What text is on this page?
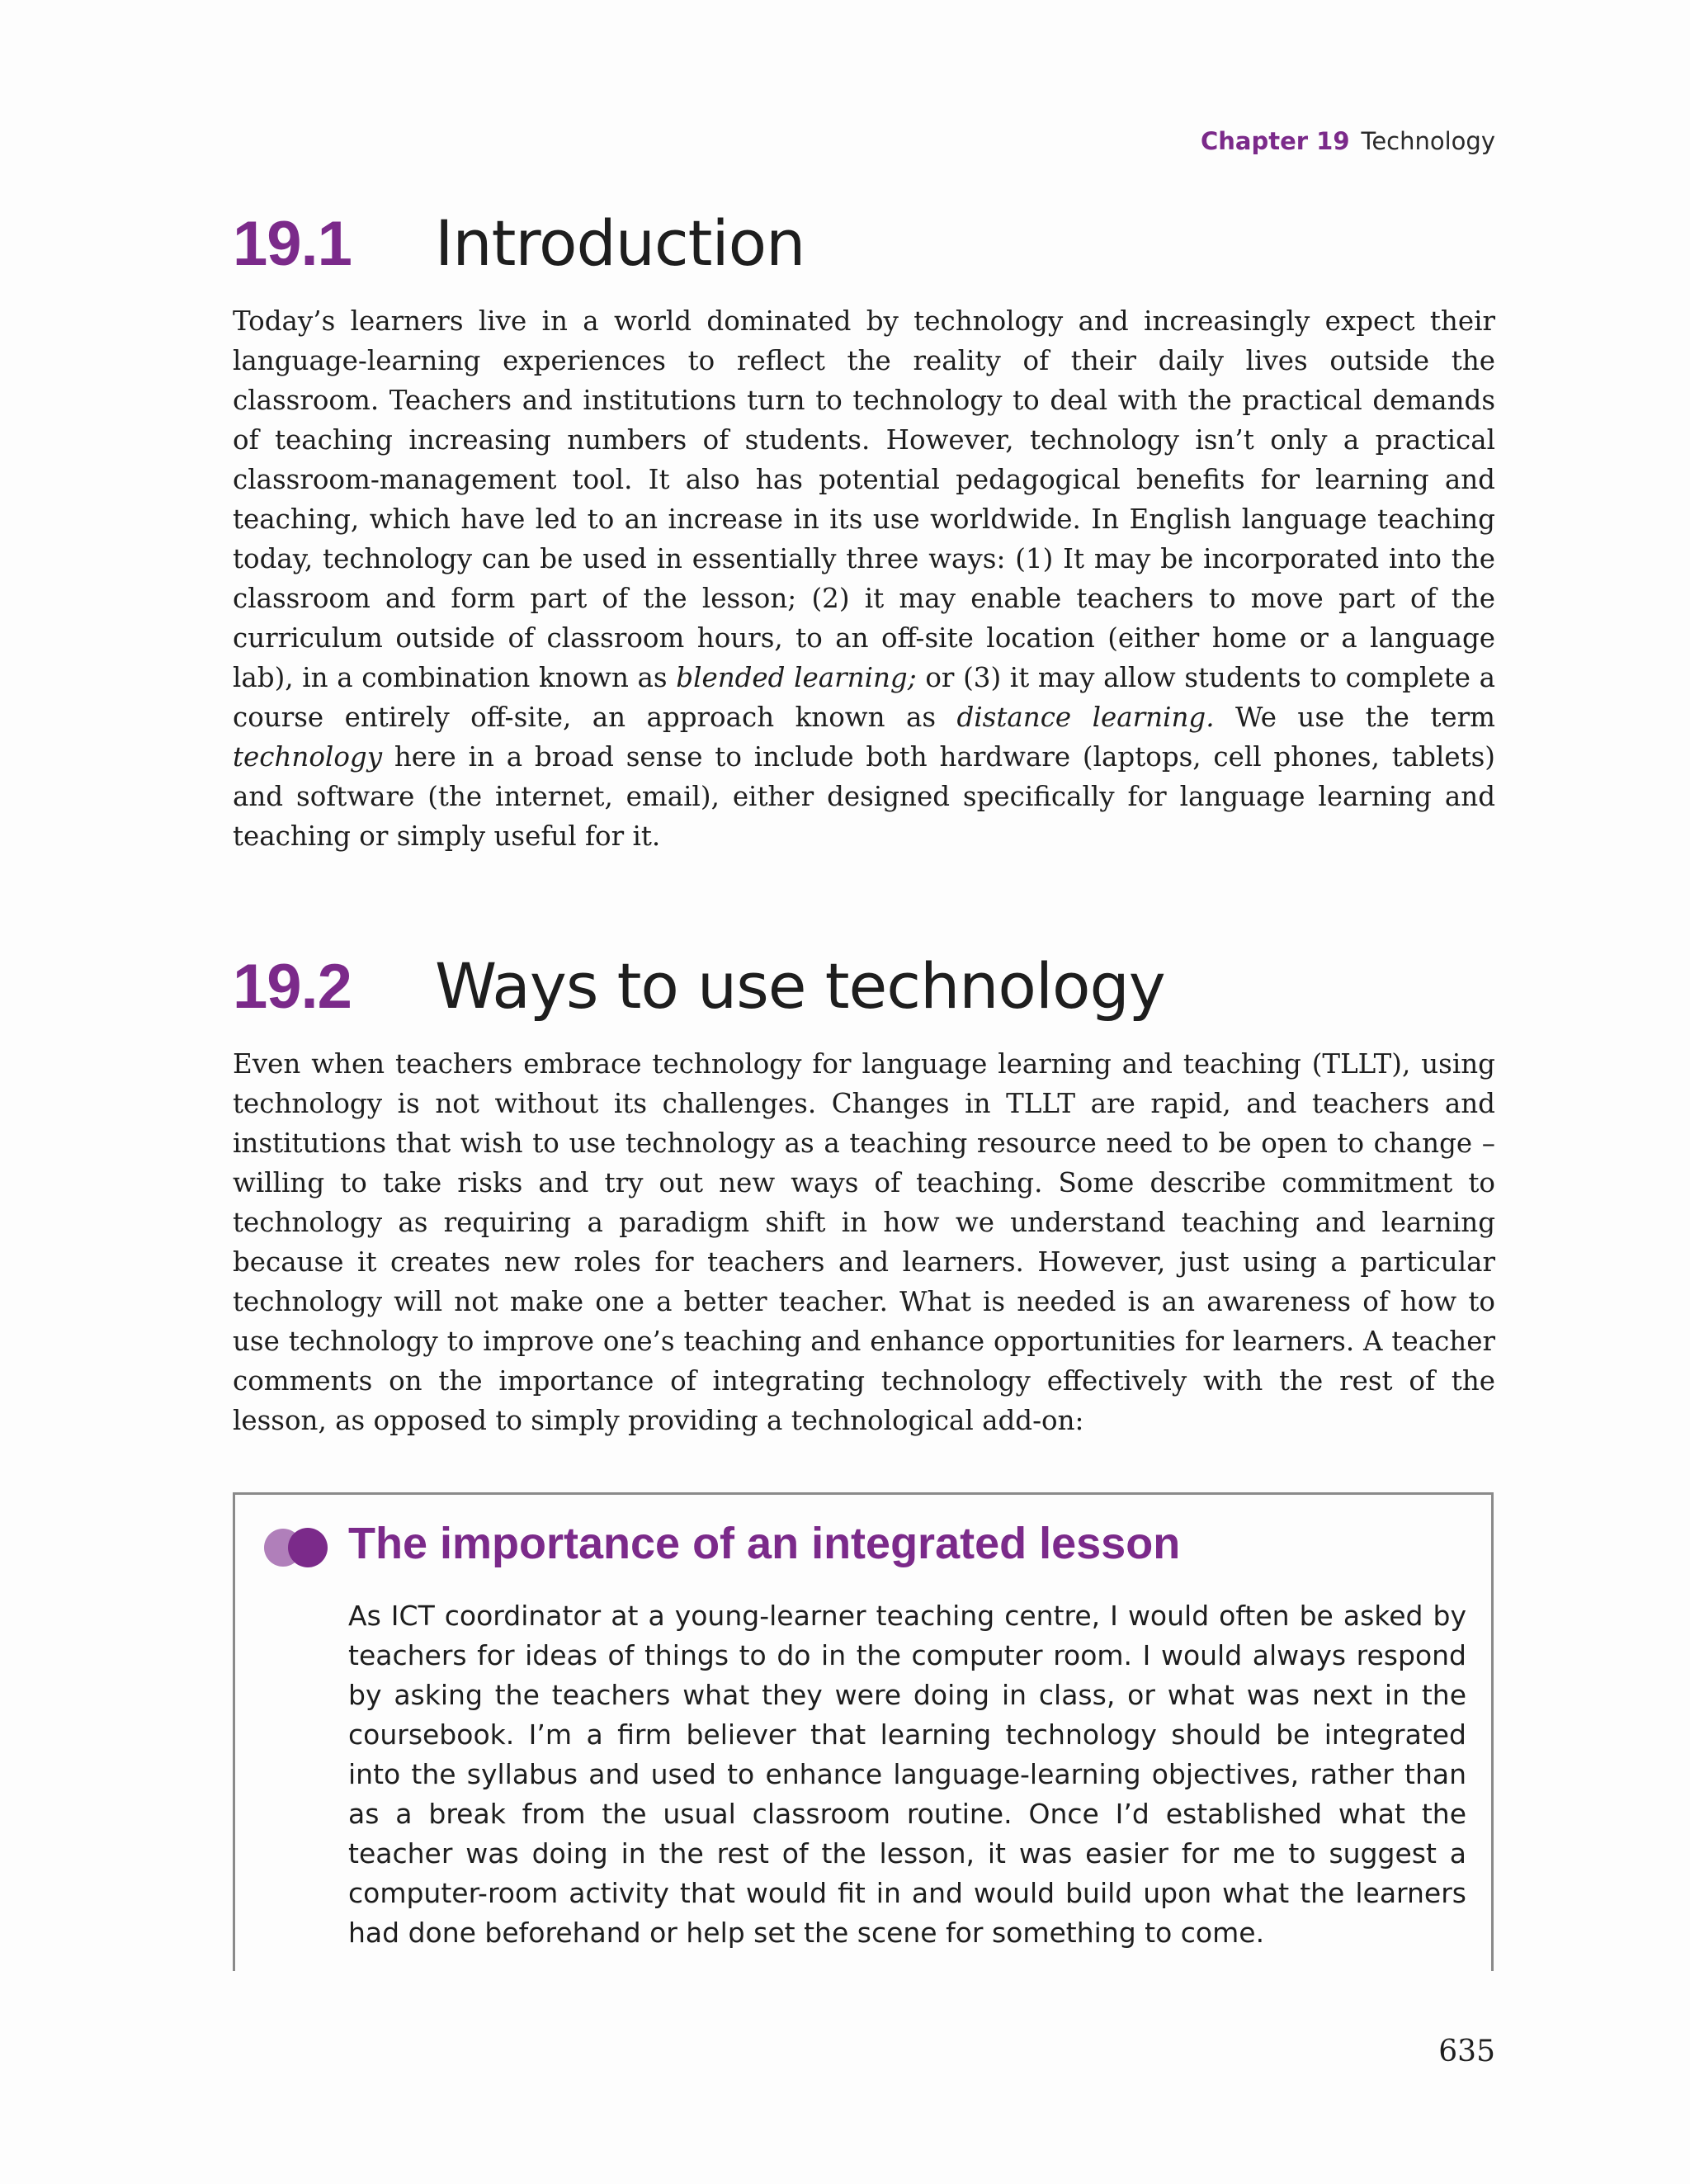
Chapter 19 Technology
19.1	Introduction

Today’s learners live in a world dominated by technology and increasingly expect their language-learning experiences to reflect the reality of their daily lives outside the classroom. Teachers and institutions turn to technology to deal with the practical demands of teaching increasing numbers of students. However, technology isn’t only a practical classroom-management tool. It also has potential pedagogical benefits for learning and teaching, which have led to an increase in its use worldwide. In English language teaching today, technology can be used in essentially three ways: (1) It may be incorporated into the classroom and form part of the lesson; (2) it may enable teachers to move part of the curriculum outside of classroom hours, to an off-site location (either home or a language lab), in a combination known as blended learning; or (3) it may allow students to complete a course entirely off-site, an approach known as distance learning. We use the term technology here in a broad sense to include both hardware (laptops, cell phones, tablets) and software (the internet, email), either designed specifically for language learning and teaching or simply useful for it.

19.2	Ways to use technology

Even when teachers embrace technology for language learning and teaching (TLLT), using technology is not without its challenges. Changes in TLLT are rapid, and teachers and institutions that wish to use technology as a teaching resource need to be open to change – willing to take risks and try out new ways of teaching. Some describe commitment to technology as requiring a paradigm shift in how we understand teaching and learning because it creates new roles for teachers and learners. However, just using a particular technology will not make one a better teacher. What is needed is an awareness of how to use technology to improve one’s teaching and enhance opportunities for learners. A teacher comments on the importance of integrating technology effectively with the rest of the lesson, as opposed to simply providing a technological add-on:

The importance of an integrated lesson

As ICT coordinator at a young-learner teaching centre, I would often be asked by teachers for ideas of things to do in the computer room. I would always respond by asking the teachers what they were doing in class, or what was next in the coursebook. I’m a firm believer that learning technology should be integrated into the syllabus and used to enhance language-learning objectives, rather than as a break from the usual classroom routine. Once I’d established what the teacher was doing in the rest of the lesson, it was easier for me to suggest a computer-room activity that would fit in and would build upon what the learners had done beforehand or help set the scene for something to come.

635
